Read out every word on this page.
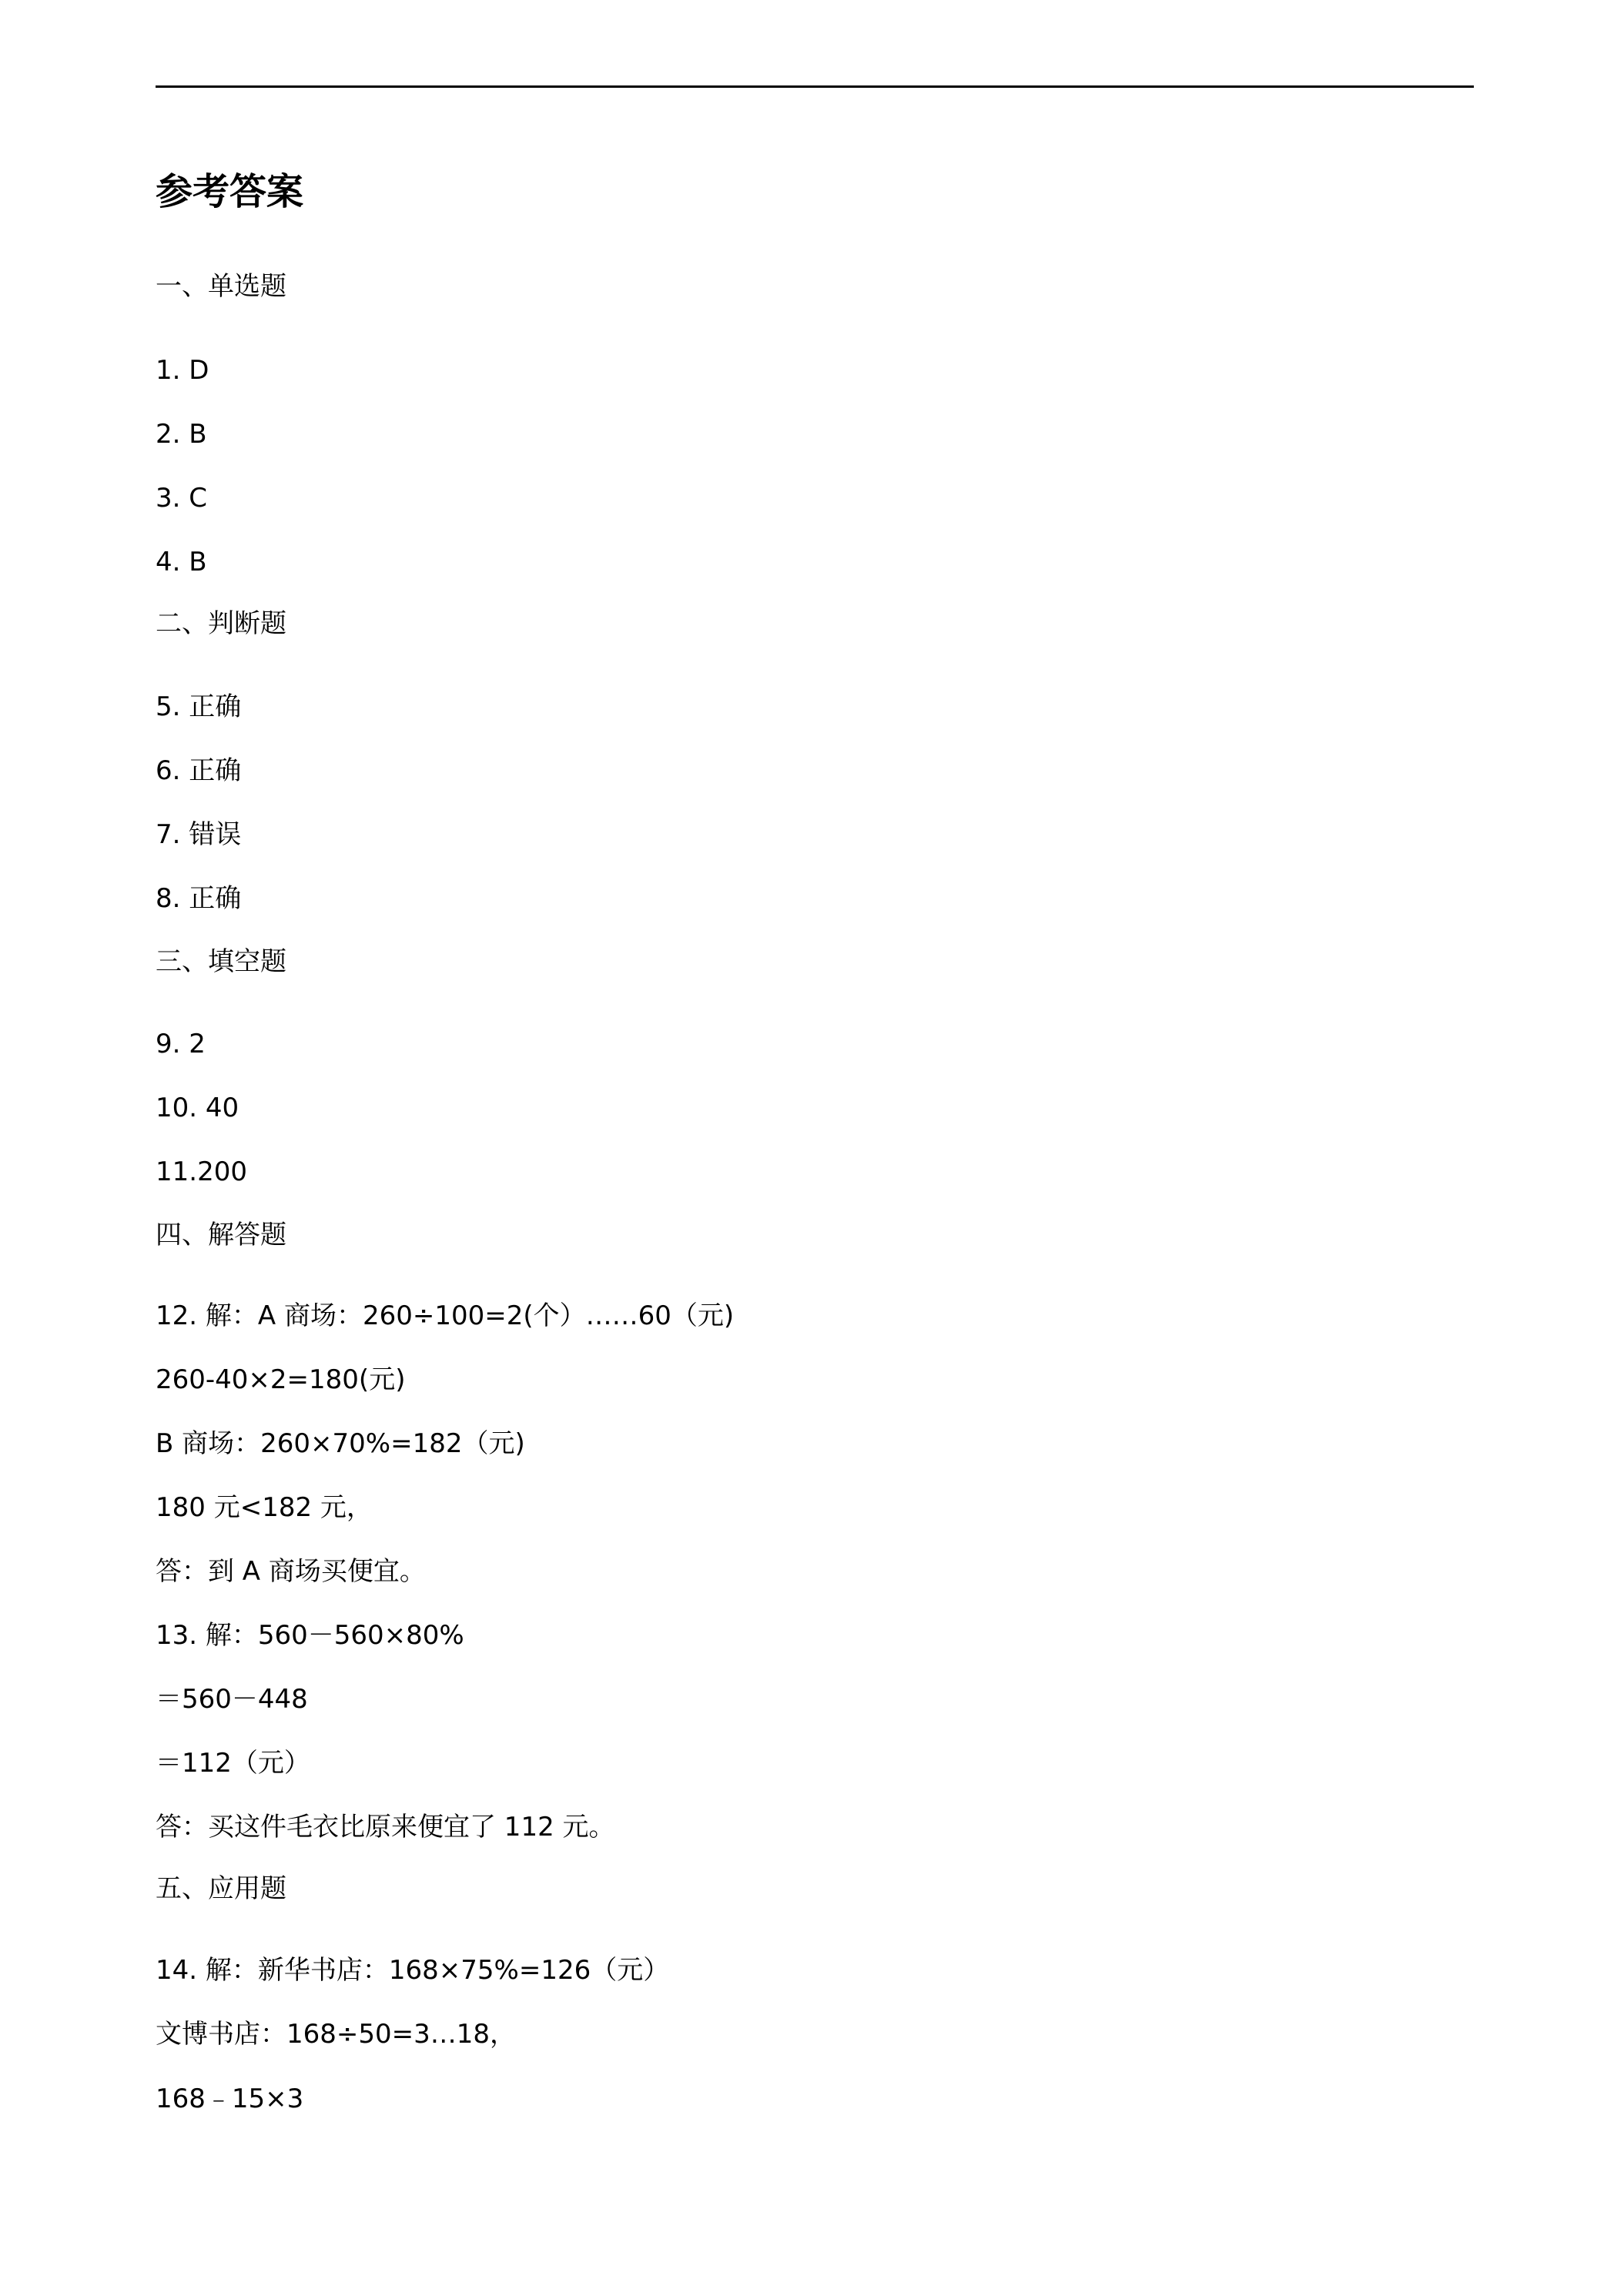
参考答案
一、单选题
1. D
2. B
3. C
4. B
二、判断题
5. 正确
6. 正确
7. 错误
8. 正确
三、填空题
9. 2
10. 40
11.200
四、解答题
12. 解：A 商场：260÷100=2(个）……60（元)
260-40×2=180(元)
B 商场：260×70%=182（元)
180 元<182 元，
答：到 A 商场买便宜。
13. 解：560－560×80%
＝560－448
＝112（元）
答：买这件毛衣比原来便宜了 112 元。
五、应用题
14. 解：新华书店：168×75%=126（元）
文博书店：168÷50=3…18，
168﹣15×3
